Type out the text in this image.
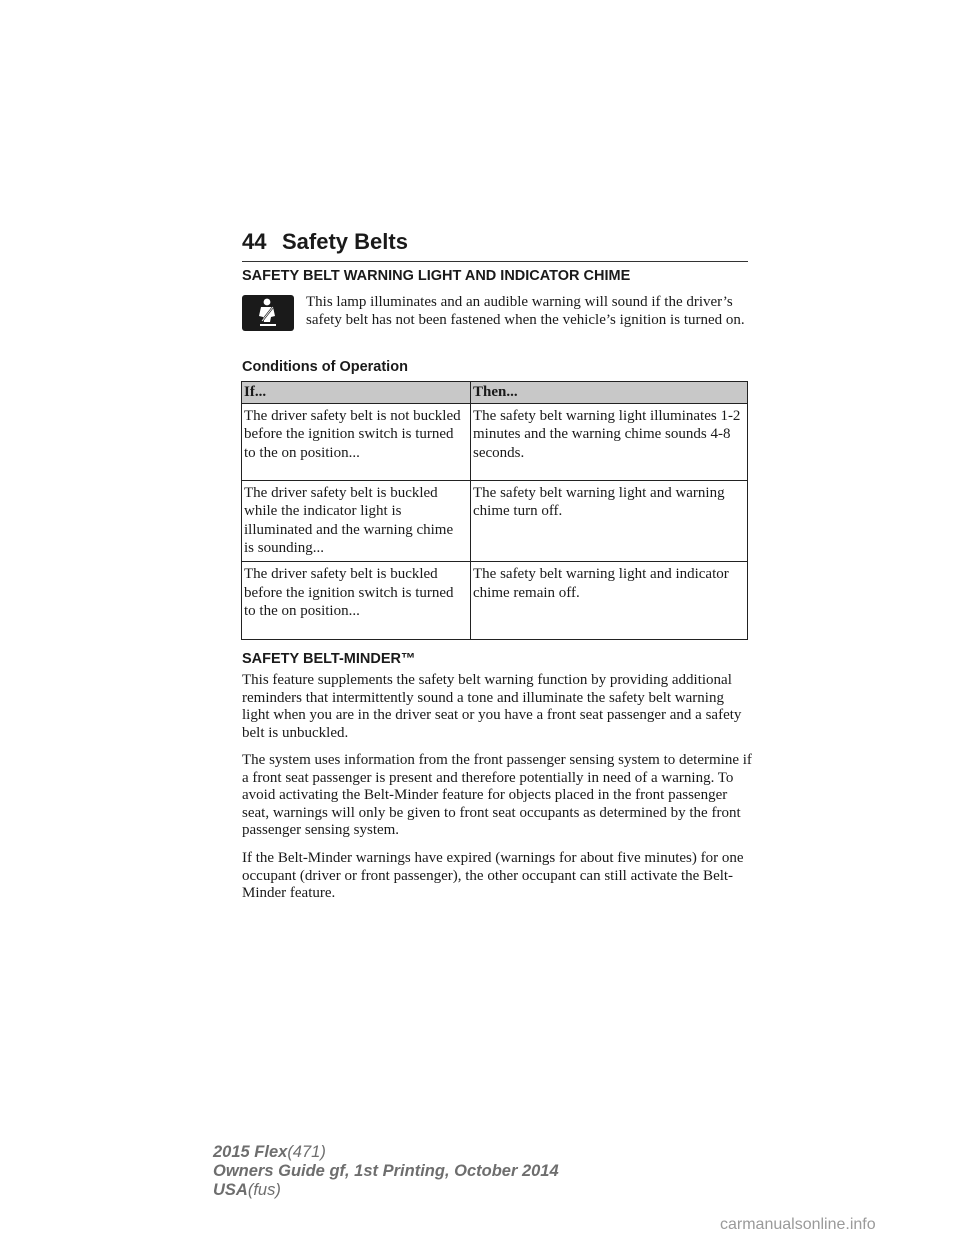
44 Safety Belts
SAFETY BELT WARNING LIGHT AND INDICATOR CHIME
This lamp illuminates and an audible warning will sound if the driver’s safety belt has not been fastened when the vehicle’s ignition is turned on.
Conditions of Operation
If...	Then...
The driver safety belt is not buckled before the ignition switch is turned to the on position...	The safety belt warning light illuminates 1-2 minutes and the warning chime sounds 4-8 seconds.
The driver safety belt is buckled while the indicator light is illuminated and the warning chime is sounding...	The safety belt warning light and warning chime turn off.
The driver safety belt is buckled before the ignition switch is turned to the on position...	The safety belt warning light and indicator chime remain off.
SAFETY BELT-MINDER™

This feature supplements the safety belt warning function by providing additional reminders that intermittently sound a tone and illuminate the safety belt warning light when you are in the driver seat or you have a front seat passenger and a safety belt is unbuckled.

The system uses information from the front passenger sensing system to determine if a front seat passenger is present and therefore potentially in need of a warning. To avoid activating the Belt-Minder feature for objects placed in the front passenger seat, warnings will only be given to front seat occupants as determined by the front passenger sensing system.

If the Belt-Minder warnings have expired (warnings for about five minutes) for one occupant (driver or front passenger), the other occupant can still activate the Belt-Minder feature.

2015 Flex(471)
Owners Guide gf, 1st Printing, October 2014
USA(fus)
carmanualsonline.info
